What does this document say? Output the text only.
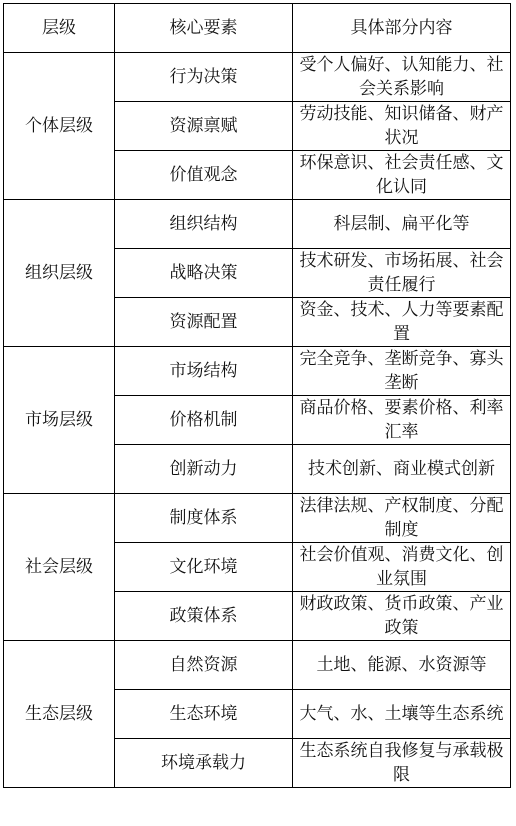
层级	核心要素	具体部分内容
个体层级	行为决策	受个人偏好、认知能力、社会关系影响
	资源禀赋	劳动技能、知识储备、财产状况
	价值观念	环保意识、社会责任感、文化认同
组织层级	组织结构	科层制、扁平化等
	战略决策	技术研发、市场拓展、社会责任履行
	资源配置	资金、技术、人力等要素配置
市场层级	市场结构	完全竞争、垄断竞争、寡头垄断
	价格机制	商品价格、要素价格、利率汇率
	创新动力	技术创新、商业模式创新
社会层级	制度体系	法律法规、产权制度、分配制度
	文化环境	社会价值观、消费文化、创业氛围
	政策体系	财政政策、货币政策、产业政策
生态层级	自然资源	土地、能源、水资源等
	生态环境	大气、水、土壤等生态系统
	环境承载力	生态系统自我修复与承载极限
